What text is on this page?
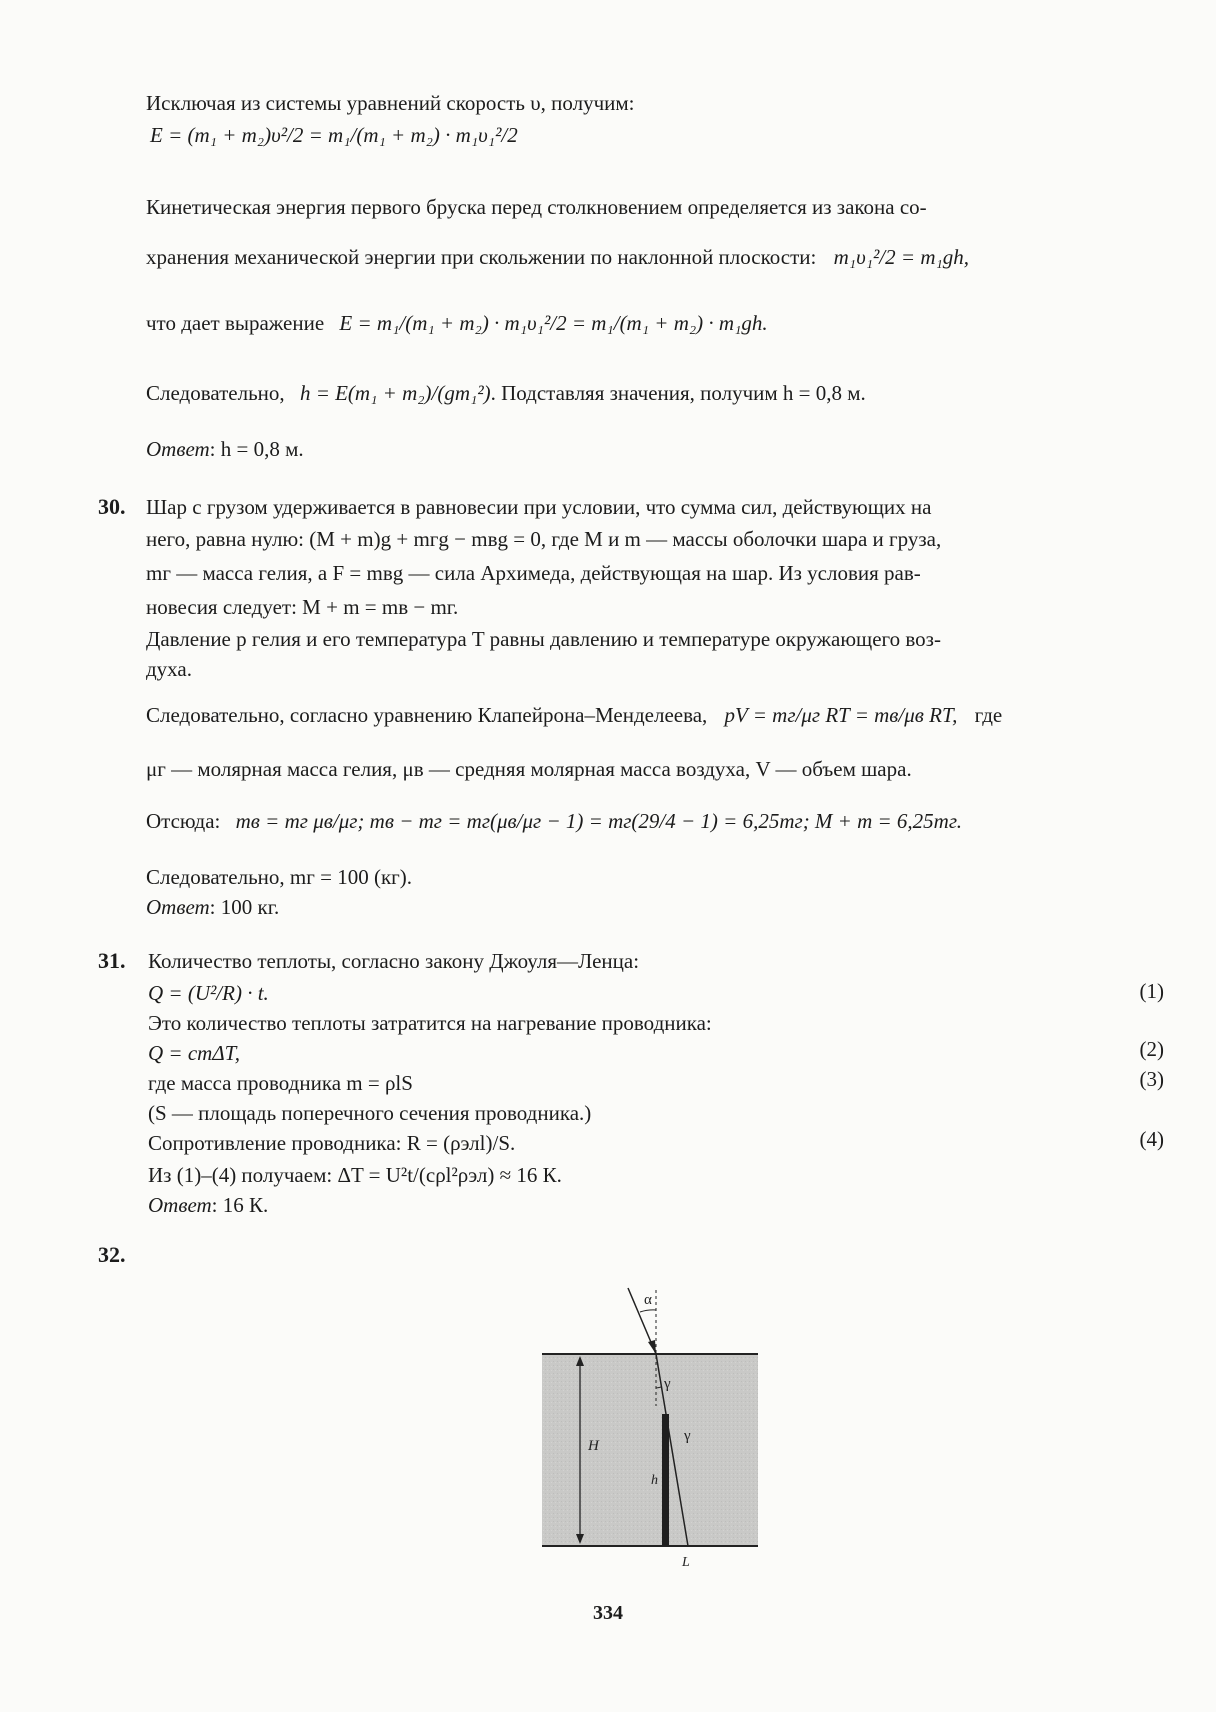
Исключая из системы уравнений скорость υ, получим:
E = (m₁ + m₂)υ²/2 = m₁/(m₁ + m₂) · m₁υ₁²/2
Кинетическая энергия первого бруска перед столкновением определяется из закона со-
хранения механической энергии при скольжении по наклонной плоскости: m₁υ₁²/2 = m₁gh,
что дает выражение E = m₁/(m₁ + m₂) · m₁υ₁²/2 = m₁/(m₁ + m₂) · m₁gh.
Следовательно, h = E(m₁ + m₂)/(gm₁²). Подставляя значения, получим h = 0,8 м.
Ответ: h = 0,8 м.
30. Шар с грузом удерживается в равновесии при условии, что сумма сил, действующих на
него, равна нулю: (M + m)g + mгg − mвg = 0, где M и m — массы оболочки шара и груза,
mг — масса гелия, а F = mвg — сила Архимеда, действующая на шар. Из условия рав-
новесия следует: M + m = mв − mг.
Давление p гелия и его температура T равны давлению и температуре окружающего воз-
духа.
Следовательно, согласно уравнению Клапейрона–Менделеева, pV = mг/μг RT = mв/μв RT, где
μг — молярная масса гелия, μв — средняя молярная масса воздуха, V — объем шара.
Отсюда: mв = mг μв/μг; mв − mг = mг(μв/μг − 1) = mг(29/4 − 1) = 6,25mг; M + m = 6,25mг.
Следовательно, mг = 100 (кг).
Ответ: 100 кг.
31. Количество теплоты, согласно закону Джоуля—Ленца:
Q = (U²/R) · t.	(1)
Это количество теплоты затратится на нагревание проводника:
Q = cmΔT,	(2)
где масса проводника m = ρlS	(3)
(S — площадь поперечного сечения проводника.)
Сопротивление проводника: R = (ρэлl)/S.	(4)
Из (1)–(4) получаем: ΔT = U²t/(cρl²ρэл) ≈ 16 К.
Ответ: 16 К.
32.
α
γ
γ
H
h
L
334
